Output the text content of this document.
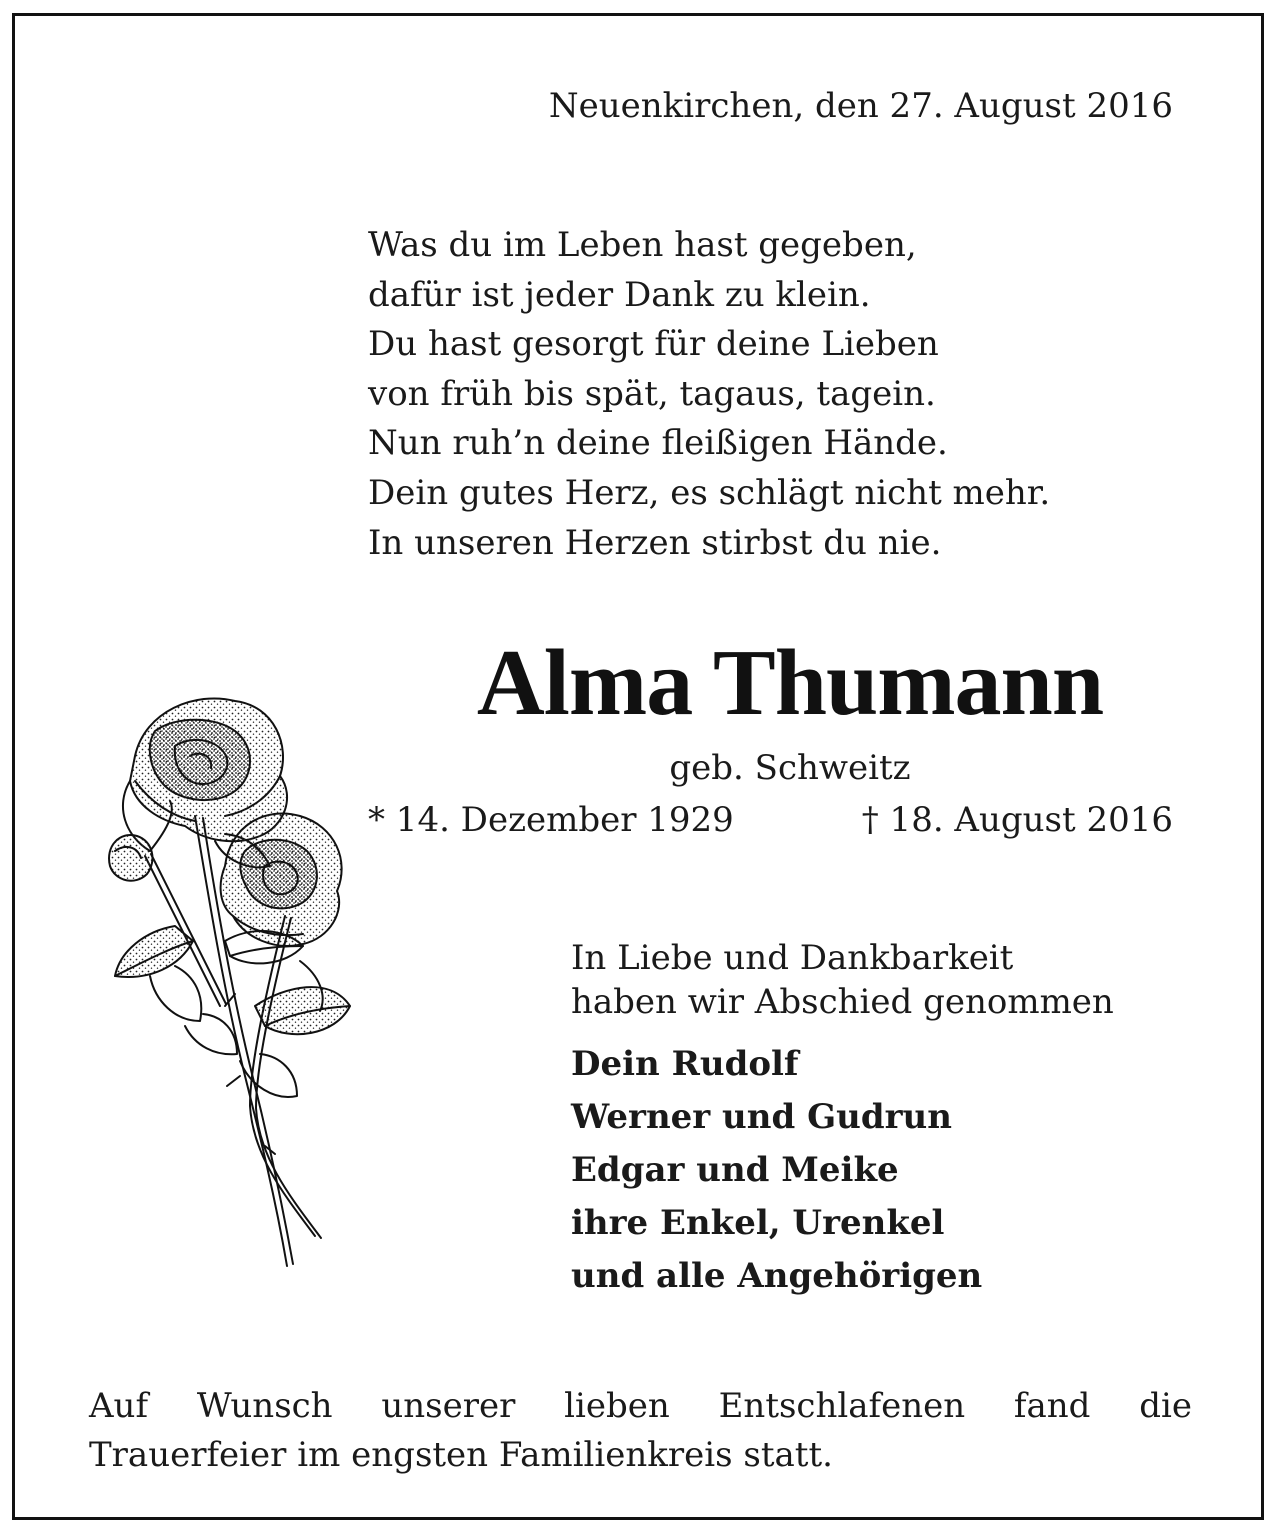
Neuenkirchen, den 27. August 2016
Was du im Leben hast gegeben,
dafür ist jeder Dank zu klein.
Du hast gesorgt für deine Lieben
von früh bis spät, tagaus, tagein.
Nun ruh’n deine fleißigen Hände.
Dein gutes Herz, es schlägt nicht mehr.
In unseren Herzen stirbst du nie.
Alma Thumann
geb. Schweitz
* 14. Dezember 1929	† 18. August 2016
In Liebe und Dankbarkeit
haben wir Abschied genommen
Dein Rudolf
Werner und Gudrun
Edgar und Meike
ihre Enkel, Urenkel
und alle Angehörigen
Auf Wunsch unserer lieben Entschlafenen fand die
Trauerfeier im engsten Familienkreis statt.
